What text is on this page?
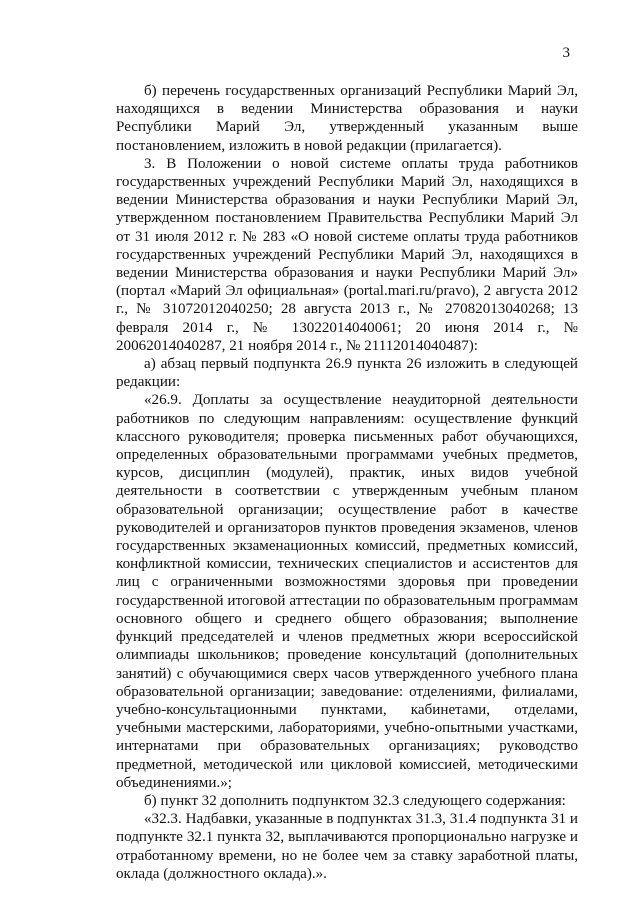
3

б) перечень государственных организаций Республики Марий Эл, находящихся в ведении Министерства образования и науки Республики Марий Эл, утвержденный указанным выше постановлением, изложить в новой редакции (прилагается).

3. В Положении о новой системе оплаты труда работников государственных учреждений Республики Марий Эл, находящихся в ведении Министерства образования и науки Республики Марий Эл, утвержденном постановлением Правительства Республики Марий Эл от 31 июля 2012 г. № 283 «О новой системе оплаты труда работников государственных учреждений Республики Марий Эл, находящихся в ведении Министерства образования и науки Республики Марий Эл» (портал «Марий Эл официальная» (portal.mari.ru/pravo), 2 августа 2012 г., № 31072012040250; 28 августа 2013 г., № 27082013040268; 13 февраля 2014 г., № 13022014040061; 20 июня 2014 г., № 20062014040287, 21 ноября 2014 г., № 21112014040487):

а) абзац первый подпункта 26.9 пункта 26 изложить в следующей редакции:

«26.9. Доплаты за осуществление неаудиторной деятельности работников по следующим направлениям: осуществление функций классного руководителя; проверка письменных работ обучающихся, определенных образовательными программами учебных предметов, курсов, дисциплин (модулей), практик, иных видов учебной деятельности в соответствии с утвержденным учебным планом образовательной организации; осуществление работ в качестве руководителей и организаторов пунктов проведения экзаменов, членов государственных экзаменационных комиссий, предметных комиссий, конфликтной комиссии, технических специалистов и ассистентов для лиц с ограниченными возможностями здоровья при проведении государственной итоговой аттестации по образовательным программам основного общего и среднего общего образования; выполнение функций председателей и членов предметных жюри всероссийской олимпиады школьников; проведение консультаций (дополнительных занятий) с обучающимися сверх часов утвержденного учебного плана образовательной организации; заведование: отделениями, филиалами, учебно-консультационными пунктами, кабинетами, отделами, учебными мастерскими, лабораториями, учебно-опытными участками, интернатами при образовательных организациях; руководство предметной, методической или цикловой комиссией, методическими объединениями.»;

б) пункт 32 дополнить подпунктом 32.3 следующего содержания:

«32.3. Надбавки, указанные в подпунктах 31.3, 31.4 подпункта 31 и подпункте 32.1 пункта 32, выплачиваются пропорционально нагрузке и отработанному времени, но не более чем за ставку заработной платы, оклада (должностного оклада).».
